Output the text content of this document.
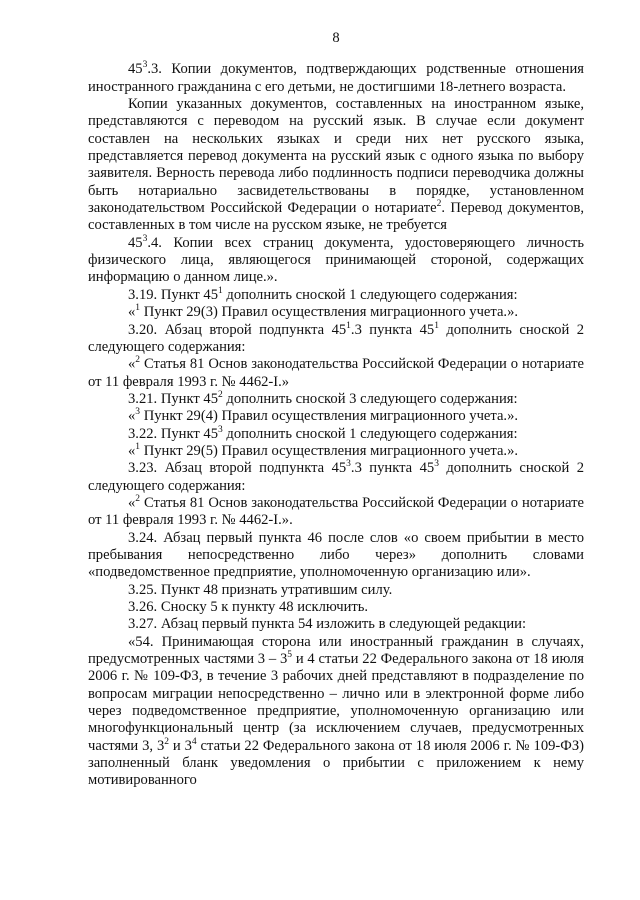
8

$45^3.3$. Копии документов, подтверждающих родственные отношения иностранного гражданина с его детьми, не достигшими 18-летнего возраста.

Копии указанных документов, составленных на иностранном языке, представляются с переводом на русский язык. В случае если документ составлен на нескольких языках и среди них нет русского языка, представляется перевод документа на русский язык с одного языка по выбору заявителя. Верность перевода либо подлинность подписи переводчика должны быть нотариально засвидетельствованы в порядке, установленном законодательством Российской Федерации о нотариате$^2$. Перевод документов, составленных в том числе на русском языке, не требуется

$45^3.4$. Копии всех страниц документа, удостоверяющего личность физического лица, являющегося принимающей стороной, содержащих информацию о данном лице.».

3.19. Пункт $45^1$ дополнить сноской 1 следующего содержания:

«$^1$ Пункт 29(3) Правил осуществления миграционного учета.».

3.20. Абзац второй подпункта $45^1.3$ пункта $45^1$ дополнить сноской 2 следующего содержания:

«$^2$ Статья 81 Основ законодательства Российской Федерации о нотариате от 11 февраля 1993 г. № 4462-I.»

3.21. Пункт $45^2$ дополнить сноской 3 следующего содержания:

«$^3$ Пункт 29(4) Правил осуществления миграционного учета.».

3.22. Пункт $45^3$ дополнить сноской 1 следующего содержания:

«$^1$ Пункт 29(5) Правил осуществления миграционного учета.».

3.23. Абзац второй подпункта $45^3.3$ пункта $45^3$ дополнить сноской 2 следующего содержания:

«$^2$ Статья 81 Основ законодательства Российской Федерации о нотариате от 11 февраля 1993 г. № 4462-I.».

3.24. Абзац первый пункта 46 после слов «о своем прибытии в место пребывания непосредственно либо через» дополнить словами «подведомственное предприятие, уполномоченную организацию или».

3.25. Пункт 48 признать утратившим силу.

3.26. Сноску 5 к пункту 48 исключить.

3.27. Абзац первый пункта 54 изложить в следующей редакции:

«54. Принимающая сторона или иностранный гражданин в случаях, предусмотренных частями $3 - 3^5$ и 4 статьи 22 Федерального закона от 18 июля 2006 г. № 109-ФЗ, в течение 3 рабочих дней представляют в подразделение по вопросам миграции непосредственно – лично или в электронной форме либо через подведомственное предприятие, уполномоченную организацию или многофункциональный центр (за исключением случаев, предусмотренных частями 3, $3^2$ и $3^4$ статьи 22 Федерального закона от 18 июля 2006 г. № 109-ФЗ) заполненный бланк уведомления о прибытии с приложением к нему мотивированного
